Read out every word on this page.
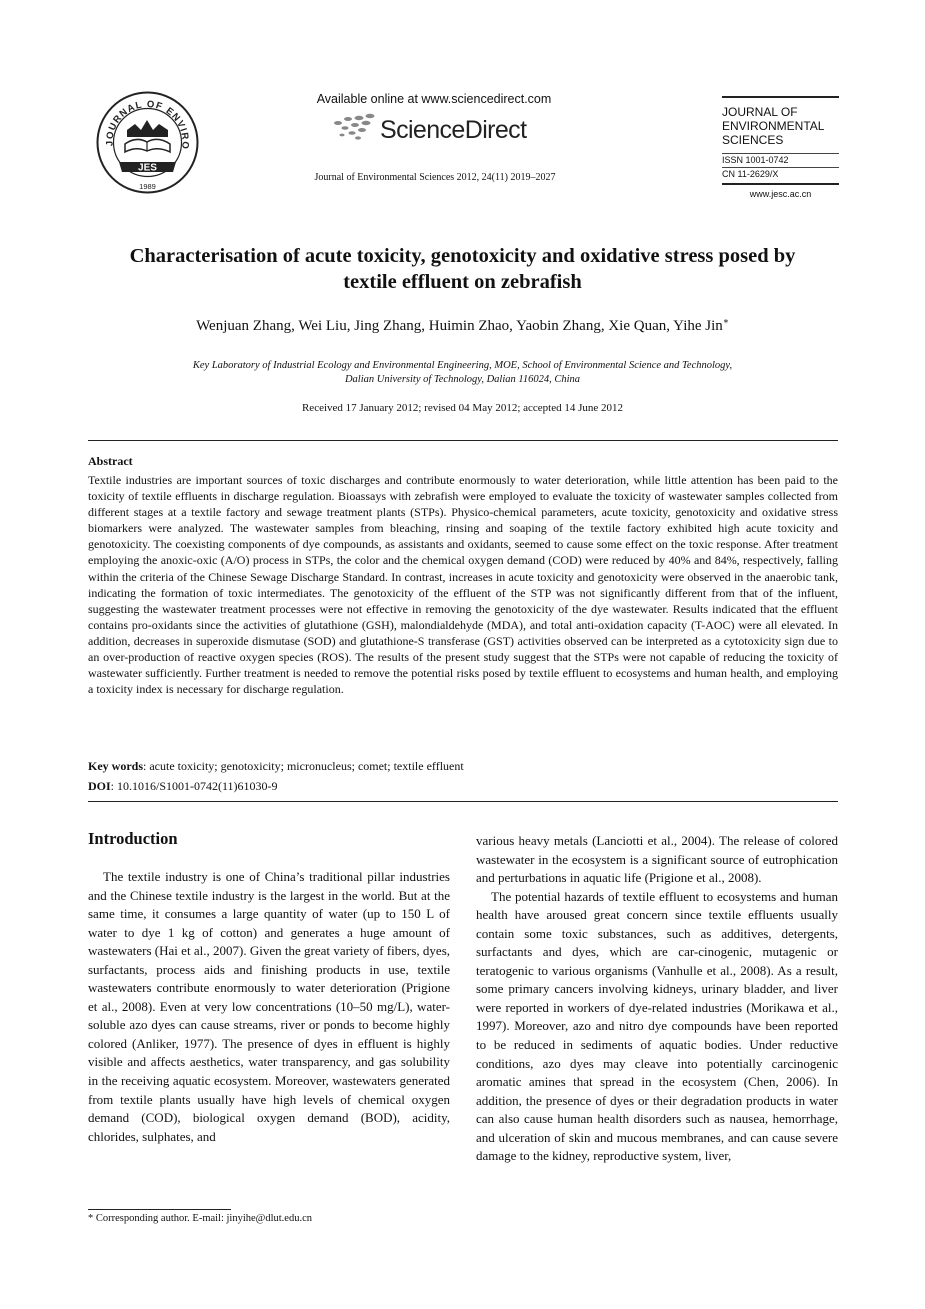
JOURNAL OF ENVIRO
JES
1989
Available online at www.sciencedirect.com
ScienceDirect
Journal of Environmental Sciences 2012, 24(11) 2019–2027
JOURNAL OF
ENVIRONMENTAL
SCIENCES
ISSN 1001-0742
CN 11-2629/X
www.jesc.ac.cn
Characterisation of acute toxicity, genotoxicity and oxidative stress posed by
textile effluent on zebrafish
Wenjuan Zhang, Wei Liu, Jing Zhang, Huimin Zhao, Yaobin Zhang, Xie Quan, Yihe Jin∗
Key Laboratory of Industrial Ecology and Environmental Engineering, MOE, School of Environmental Science and Technology,
Dalian University of Technology, Dalian 116024, China
Received 17 January 2012; revised 04 May 2012; accepted 14 June 2012
Abstract
Textile industries are important sources of toxic discharges and contribute enormously to water deterioration, while little attention has been paid to the toxicity of textile effluents in discharge regulation. Bioassays with zebrafish were employed to evaluate the toxicity of wastewater samples collected from different stages at a textile factory and sewage treatment plants (STPs). Physico-chemical parameters, acute toxicity, genotoxicity and oxidative stress biomarkers were analyzed. The wastewater samples from bleaching, rinsing and soaping of the textile factory exhibited high acute toxicity and genotoxicity. The coexisting components of dye compounds, as assistants and oxidants, seemed to cause some effect on the toxic response. After treatment employing the anoxic-oxic (A/O) process in STPs, the color and the chemical oxygen demand (COD) were reduced by 40% and 84%, respectively, falling within the criteria of the Chinese Sewage Discharge Standard. In contrast, increases in acute toxicity and genotoxicity were observed in the anaerobic tank, indicating the formation of toxic intermediates. The genotoxicity of the effluent of the STP was not significantly different from that of the influent, suggesting the wastewater treatment processes were not effective in removing the genotoxicity of the dye wastewater. Results indicated that the effluent contains pro-oxidants since the activities of glutathione (GSH), malondialdehyde (MDA), and total anti-oxidation capacity (T-AOC) were all elevated. In addition, decreases in superoxide dismutase (SOD) and glutathione-S transferase (GST) activities observed can be interpreted as a cytotoxicity sign due to an over-production of reactive oxygen species (ROS). The results of the present study suggest that the STPs were not capable of reducing the toxicity of wastewater sufficiently. Further treatment is needed to remove the potential risks posed by textile effluent to ecosystems and human health, and employing a toxicity index is necessary for discharge regulation.
Key words: acute toxicity; genotoxicity; micronucleus; comet; textile effluent
DOI: 10.1016/S1001-0742(11)61030-9
Introduction

The textile industry is one of China’s traditional pillar industries and the Chinese textile industry is the largest in the world. But at the same time, it consumes a large quantity of water (up to 150 L of water to dye 1 kg of cotton) and generates a huge amount of wastewaters (Hai et al., 2007). Given the great variety of fibers, dyes, surfactants, process aids and finishing products in use, textile wastewaters contribute enormously to water deterioration (Prigione et al., 2008). Even at very low concentrations (10–50 mg/L), water-soluble azo dyes can cause streams, river or ponds to become highly colored (Anliker, 1977). The presence of dyes in effluent is highly visible and affects aesthetics, water transparency, and gas solubility in the receiving aquatic ecosystem. Moreover, wastewaters generated from textile plants usually have high levels of chemical oxygen demand (COD), biological oxygen demand (BOD), acidity, chlorides, sulphates, and

various heavy metals (Lanciotti et al., 2004). The release of colored wastewater in the ecosystem is a significant source of eutrophication and perturbations in aquatic life (Prigione et al., 2008).

The potential hazards of textile effluent to ecosystems and human health have aroused great concern since textile effluents usually contain some toxic substances, such as additives, detergents, surfactants and dyes, which are car-cinogenic, mutagenic or teratogenic to various organisms (Vanhulle et al., 2008). As a result, some primary cancers involving kidneys, urinary bladder, and liver were reported in workers of dye-related industries (Morikawa et al., 1997). Moreover, azo and nitro dye compounds have been reported to be reduced in sediments of aquatic bodies. Under reductive conditions, azo dyes may cleave into potentially carcinogenic aromatic amines that spread in the ecosystem (Chen, 2006). In addition, the presence of dyes or their degradation products in water can also cause human health disorders such as nausea, hemorrhage, and ulceration of skin and mucous membranes, and can cause severe damage to the kidney, reproductive system, liver,

* Corresponding author. E-mail: jinyihe@dlut.edu.cn
